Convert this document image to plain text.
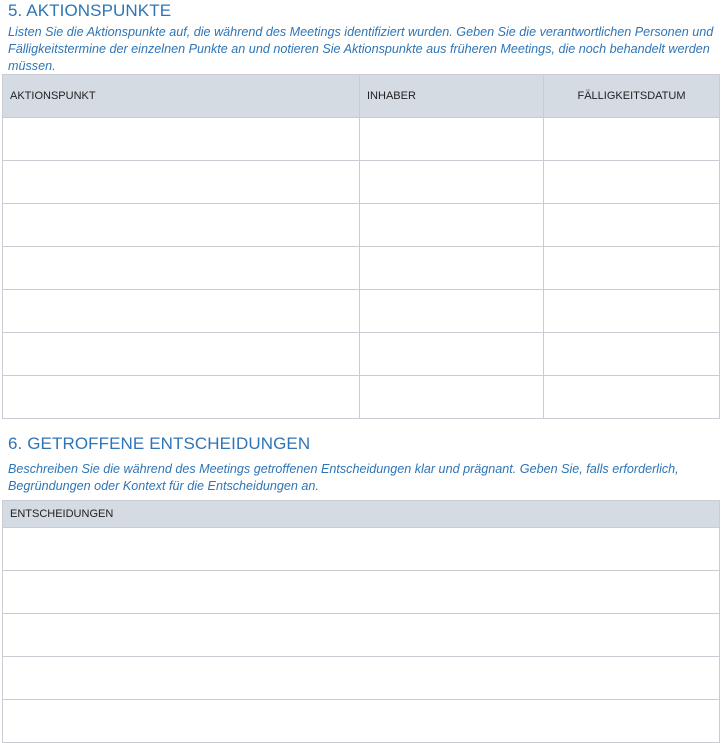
5. AKTIONSPUNKTE

Listen Sie die Aktionspunkte auf, die während des Meetings identifiziert wurden. Geben Sie die verantwortlichen Personen und Fälligkeitstermine der einzelnen Punkte an und notieren Sie Aktionspunkte aus früheren Meetings, die noch behandelt werden müssen.

AKTIONSPUNKT	INHABER	FÄLLIGKEITSDATUM

6. GETROFFENE ENTSCHEIDUNGEN

Beschreiben Sie die während des Meetings getroffenen Entscheidungen klar und prägnant. Geben Sie, falls erforderlich, Begründungen oder Kontext für die Entscheidungen an.

ENTSCHEIDUNGEN
